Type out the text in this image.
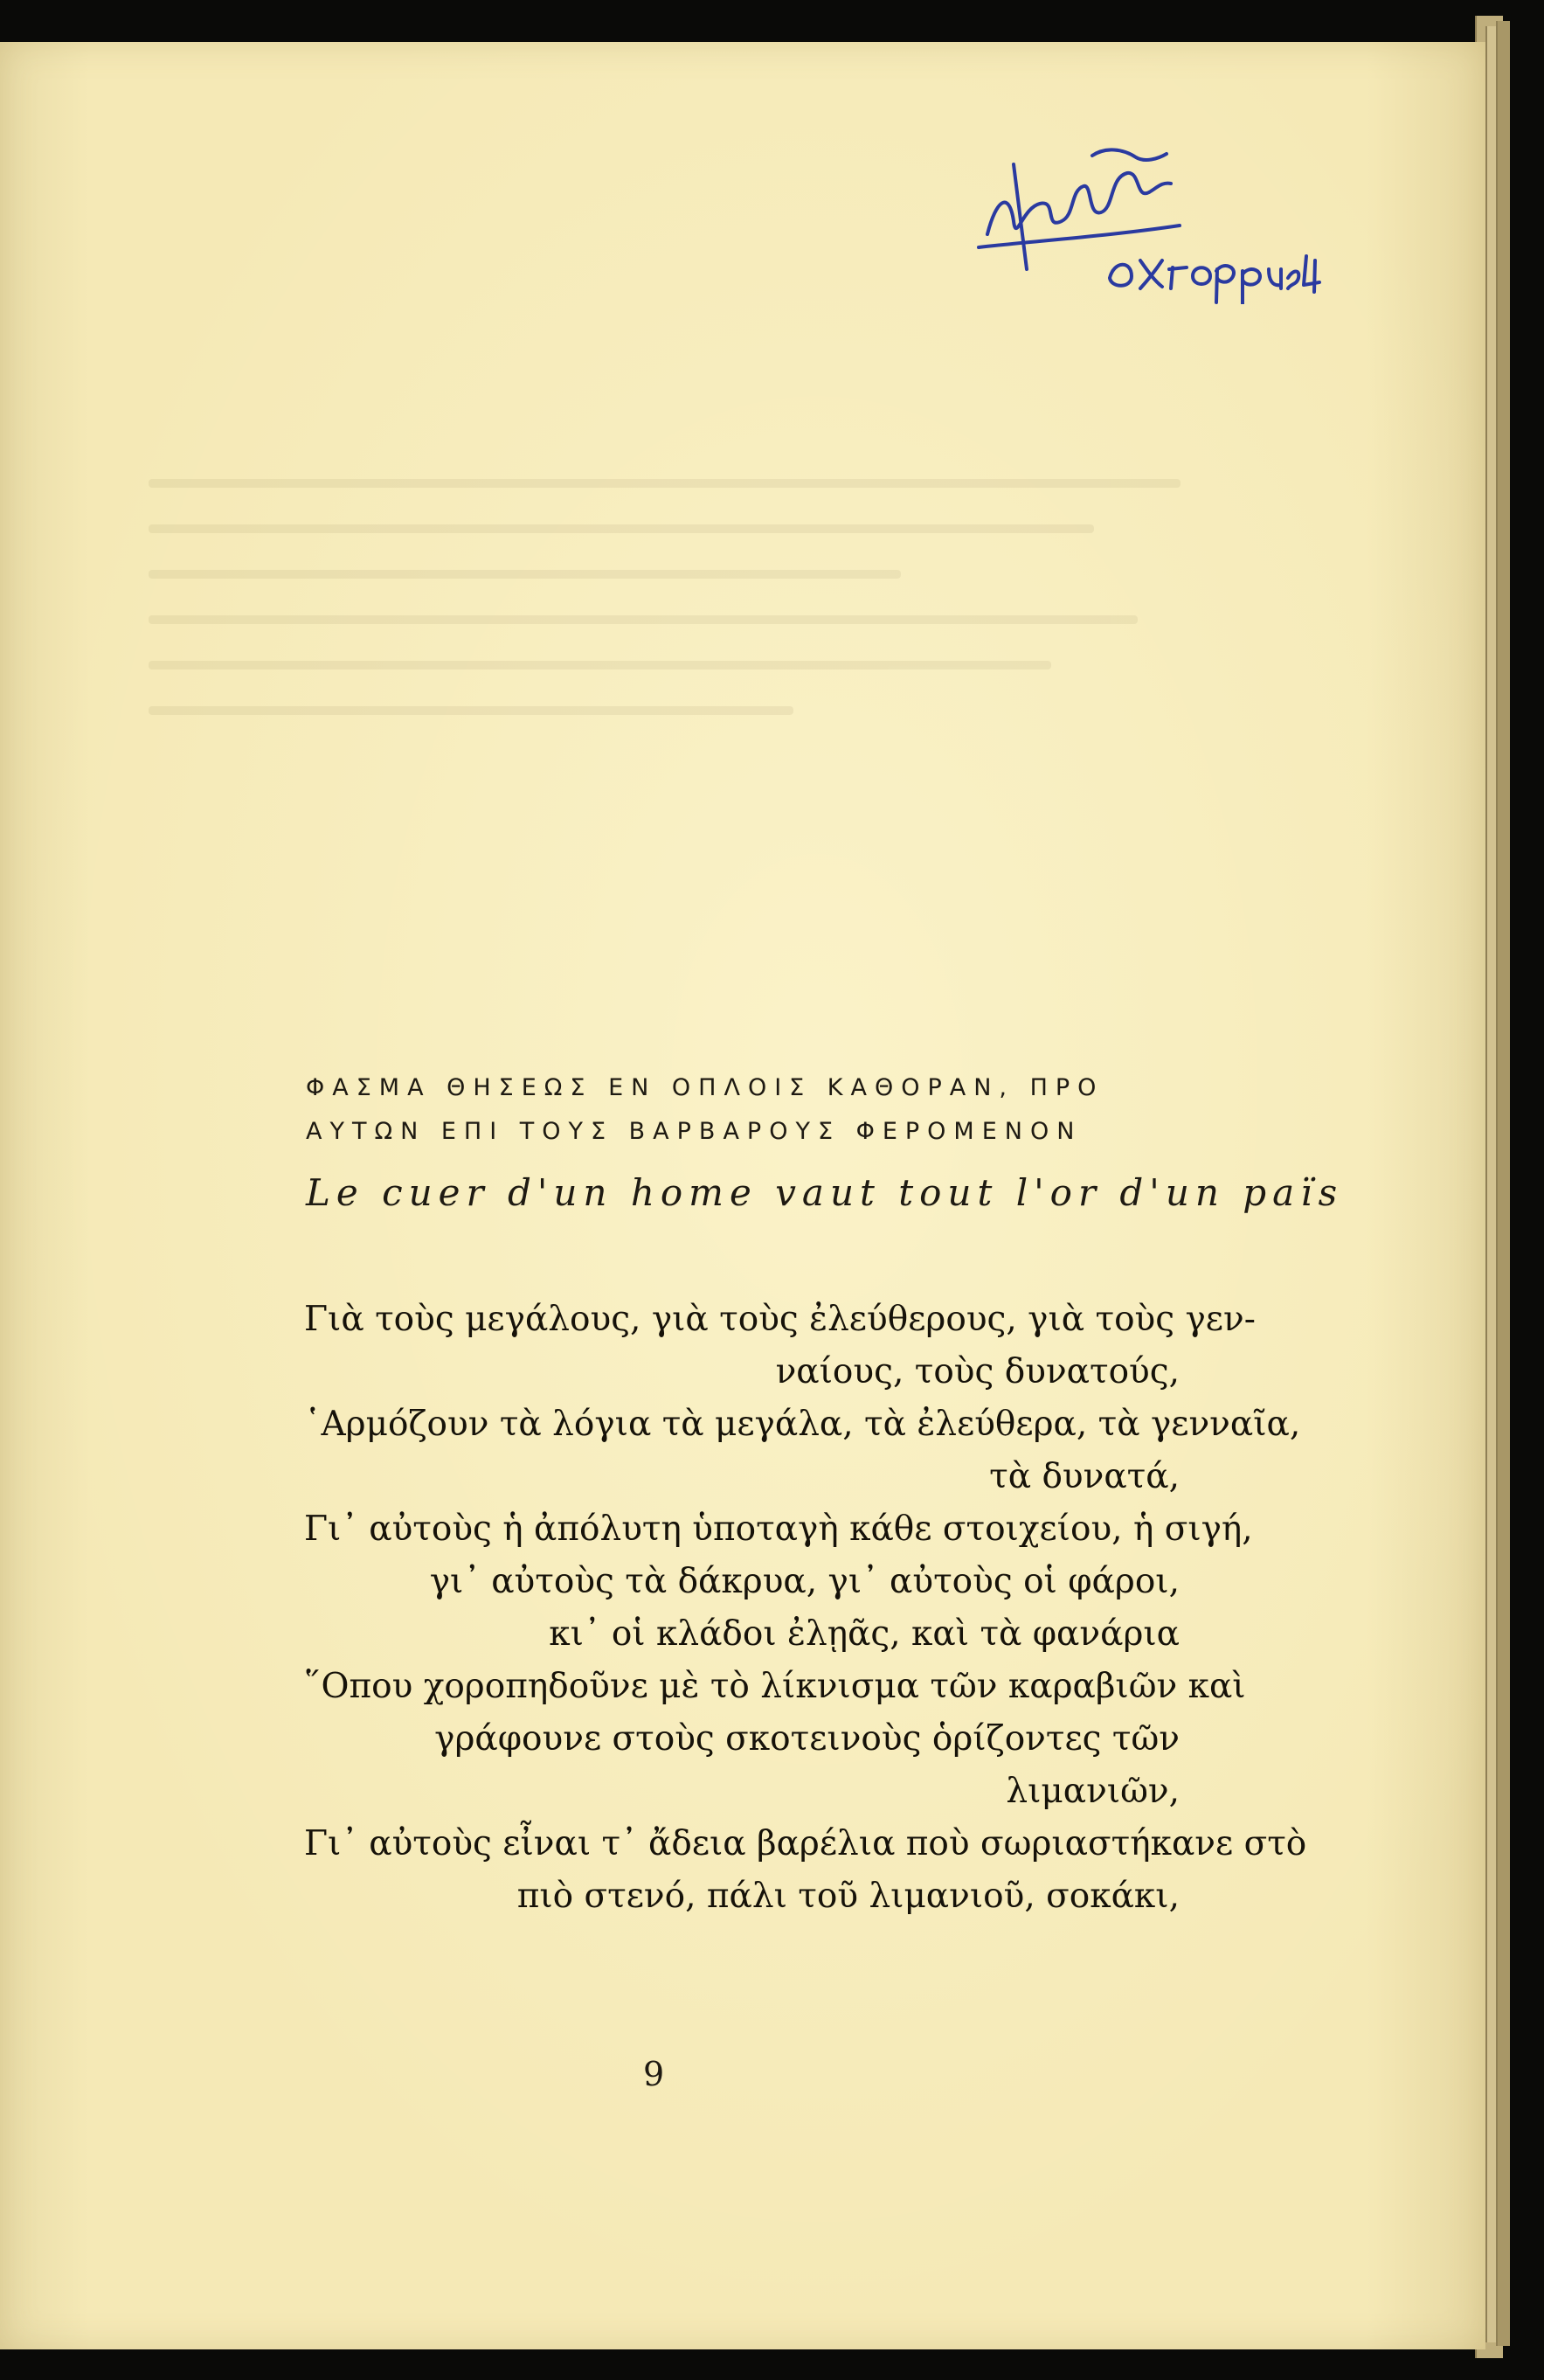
ΦΑΣΜΑ ΘΗΣΕΩΣ ΕΝ ΟΠΛΟΙΣ ΚΑΘΟΡΑΝ, ΠΡΟ
ΑΥΤΩΝ ΕΠΙ ΤΟΥΣ ΒΑΡΒΑΡΟΥΣ ΦΕΡΟΜΕΝΟΝ
Le cuer d'un home vaut tout l'or d'un païs
Γιὰ τοὺς μεγάλους, γιὰ τοὺς ἐλεύθερους, γιὰ τοὺς γεν-
ναίους, τοὺς δυνατούς,
῾Αρμόζουν τὰ λόγια τὰ μεγάλα, τὰ ἐλεύθερα, τὰ γενναῖα,
τὰ δυνατά,
Γι᾿ αὐτοὺς ἡ ἀπόλυτη ὑποταγὴ κάθε στοιχείου, ἡ σιγή,
γι᾿ αὐτοὺς τὰ δάκρυα, γι᾿ αὐτοὺς οἱ φάροι,
κι᾿ οἱ κλάδοι ἐλῃᾶς, καὶ τὰ φανάρια
῞Οπου χοροπηδοῦνε μὲ τὸ λίκνισμα τῶν καραβιῶν καὶ
γράφουνε στοὺς σκοτεινοὺς ὁρίζοντες τῶν
λιμανιῶν,
Γι᾿ αὐτοὺς εἶναι τ᾿ ἄδεια βαρέλια ποὺ σωριαστήκανε στὸ
πιὸ στενό, πάλι τοῦ λιμανιοῦ, σοκάκι,
9
